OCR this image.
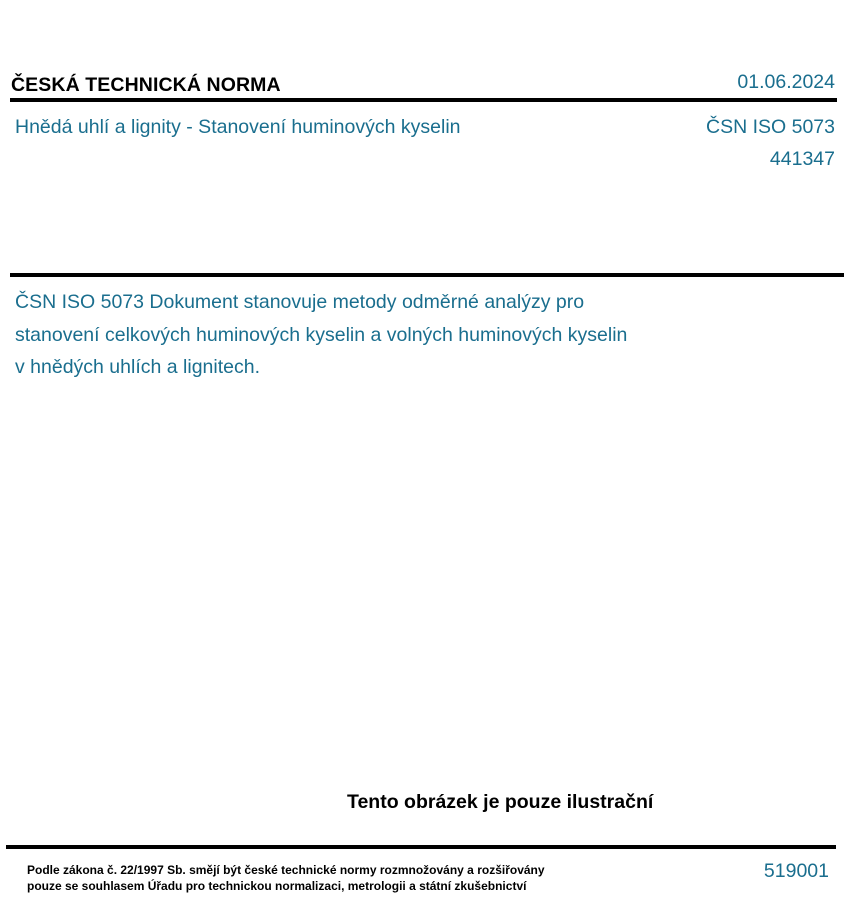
ČESKÁ TECHNICKÁ NORMA	01.06.2024
Hnědá uhlí a lignity - Stanovení huminových kyselin	ČSN ISO 5073
441347
ČSN ISO 5073 Dokument stanovuje metody odměrné analýzy pro stanovení celkových huminových kyselin a volných huminových kyselin v hnědých uhlích a lignitech.
Tento obrázek je pouze ilustrační
Podle zákona č. 22/1997 Sb. smějí být české technické normy rozmnožovány a rozšiřovány
pouze se souhlasem Úřadu pro technickou normalizaci, metrologii a státní zkušebnictví
519001
